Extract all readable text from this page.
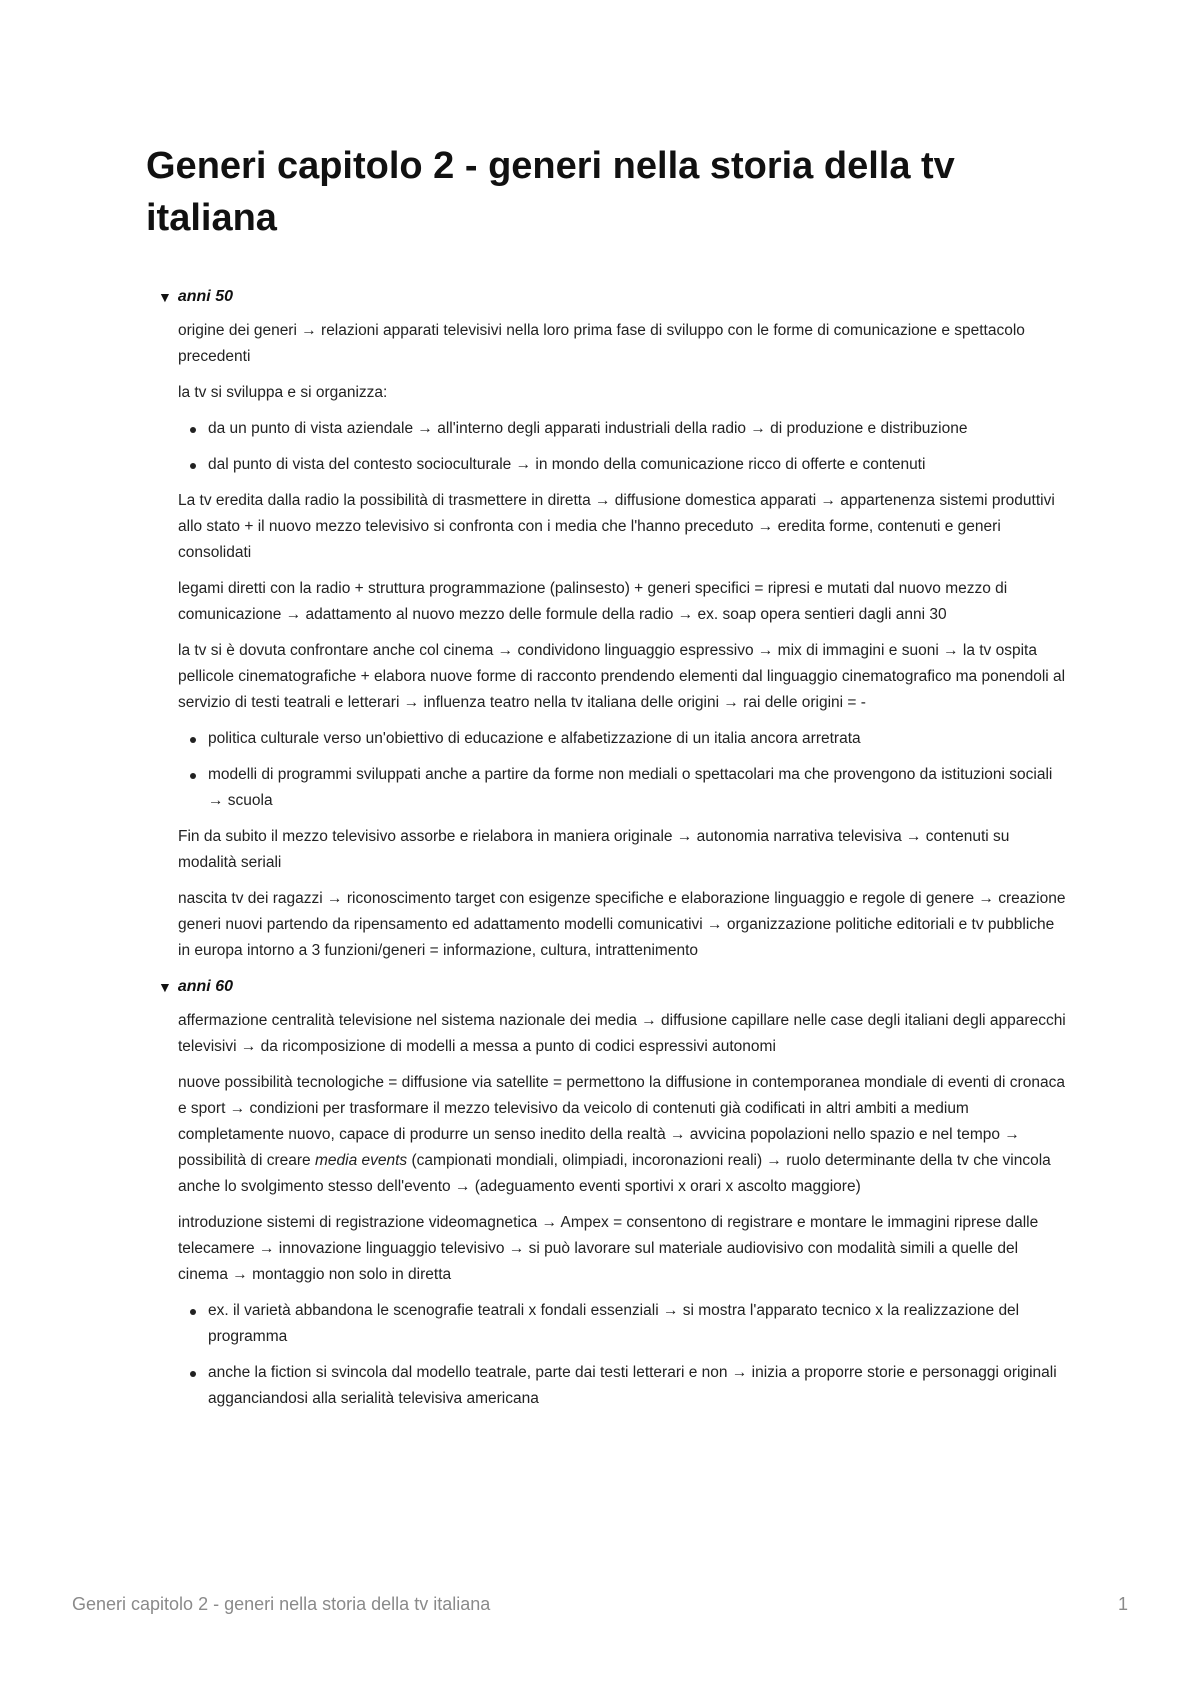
Generi capitolo 2 - generi nella storia della tv italiana
▼ anni 50

origine dei generi → relazioni apparati televisivi nella loro prima fase di sviluppo con le forme di comunicazione e spettacolo precedenti

la tv si sviluppa e si organizza:

da un punto di vista aziendale → all'interno degli apparati industriali della radio → di produzione e distribuzione
dal punto di vista del contesto socioculturale → in mondo della comunicazione ricco di offerte e contenuti

La tv eredita dalla radio la possibilità di trasmettere in diretta → diffusione domestica apparati → appartenenza sistemi produttivi allo stato + il nuovo mezzo televisivo si confronta con i media che l'hanno preceduto → eredita forme, contenuti e generi consolidati

legami diretti con la radio + struttura programmazione (palinsesto) + generi specifici = ripresi e mutati dal nuovo mezzo di comunicazione → adattamento al nuovo mezzo delle formule della radio → ex. soap opera sentieri dagli anni 30

la tv si è dovuta confrontare anche col cinema → condividono linguaggio espressivo → mix di immagini e suoni → la tv ospita pellicole cinematografiche + elabora nuove forme di racconto prendendo elementi dal linguaggio cinematografico ma ponendoli al servizio di testi teatrali e letterari → influenza teatro nella tv italiana delle origini → rai delle origini = -

politica culturale verso un'obiettivo di educazione e alfabetizzazione di un italia ancora arretrata
modelli di programmi sviluppati anche a partire da forme non mediali o spettacolari ma che provengono da istituzioni sociali → scuola

Fin da subito il mezzo televisivo assorbe e rielabora in maniera originale → autonomia narrativa televisiva → contenuti su modalità seriali

nascita tv dei ragazzi → riconoscimento target con esigenze specifiche e elaborazione linguaggio e regole di genere → creazione generi nuovi partendo da ripensamento ed adattamento modelli comunicativi → organizzazione politiche editoriali e tv pubbliche in europa intorno a 3 funzioni/generi = informazione, cultura, intrattenimento

▼ anni 60

affermazione centralità televisione nel sistema nazionale dei media → diffusione capillare nelle case degli italiani degli apparecchi televisivi → da ricomposizione di modelli a messa a punto di codici espressivi autonomi

nuove possibilità tecnologiche = diffusione via satellite = permettono la diffusione in contemporanea mondiale di eventi di cronaca e sport → condizioni per trasformare il mezzo televisivo da veicolo di contenuti già codificati in altri ambiti a medium completamente nuovo, capace di produrre un senso inedito della realtà → avvicina popolazioni nello spazio e nel tempo → possibilità di creare media events (campionati mondiali, olimpiadi, incoronazioni reali) → ruolo determinante della tv che vincola anche lo svolgimento stesso dell'evento → (adeguamento eventi sportivi x orari x ascolto maggiore)

introduzione sistemi di registrazione videomagnetica → Ampex = consentono di registrare e montare le immagini riprese dalle telecamere → innovazione linguaggio televisivo → si può lavorare sul materiale audiovisivo con modalità simili a quelle del cinema → montaggio non solo in diretta

ex. il varietà abbandona le scenografie teatrali x fondali essenziali → si mostra l'apparato tecnico x la realizzazione del programma
anche la fiction si svincola dal modello teatrale, parte dai testi letterari e non → inizia a proporre storie e personaggi originali agganciandosi alla serialità televisiva americana
Generi capitolo 2 - generi nella storia della tv italiana	1
